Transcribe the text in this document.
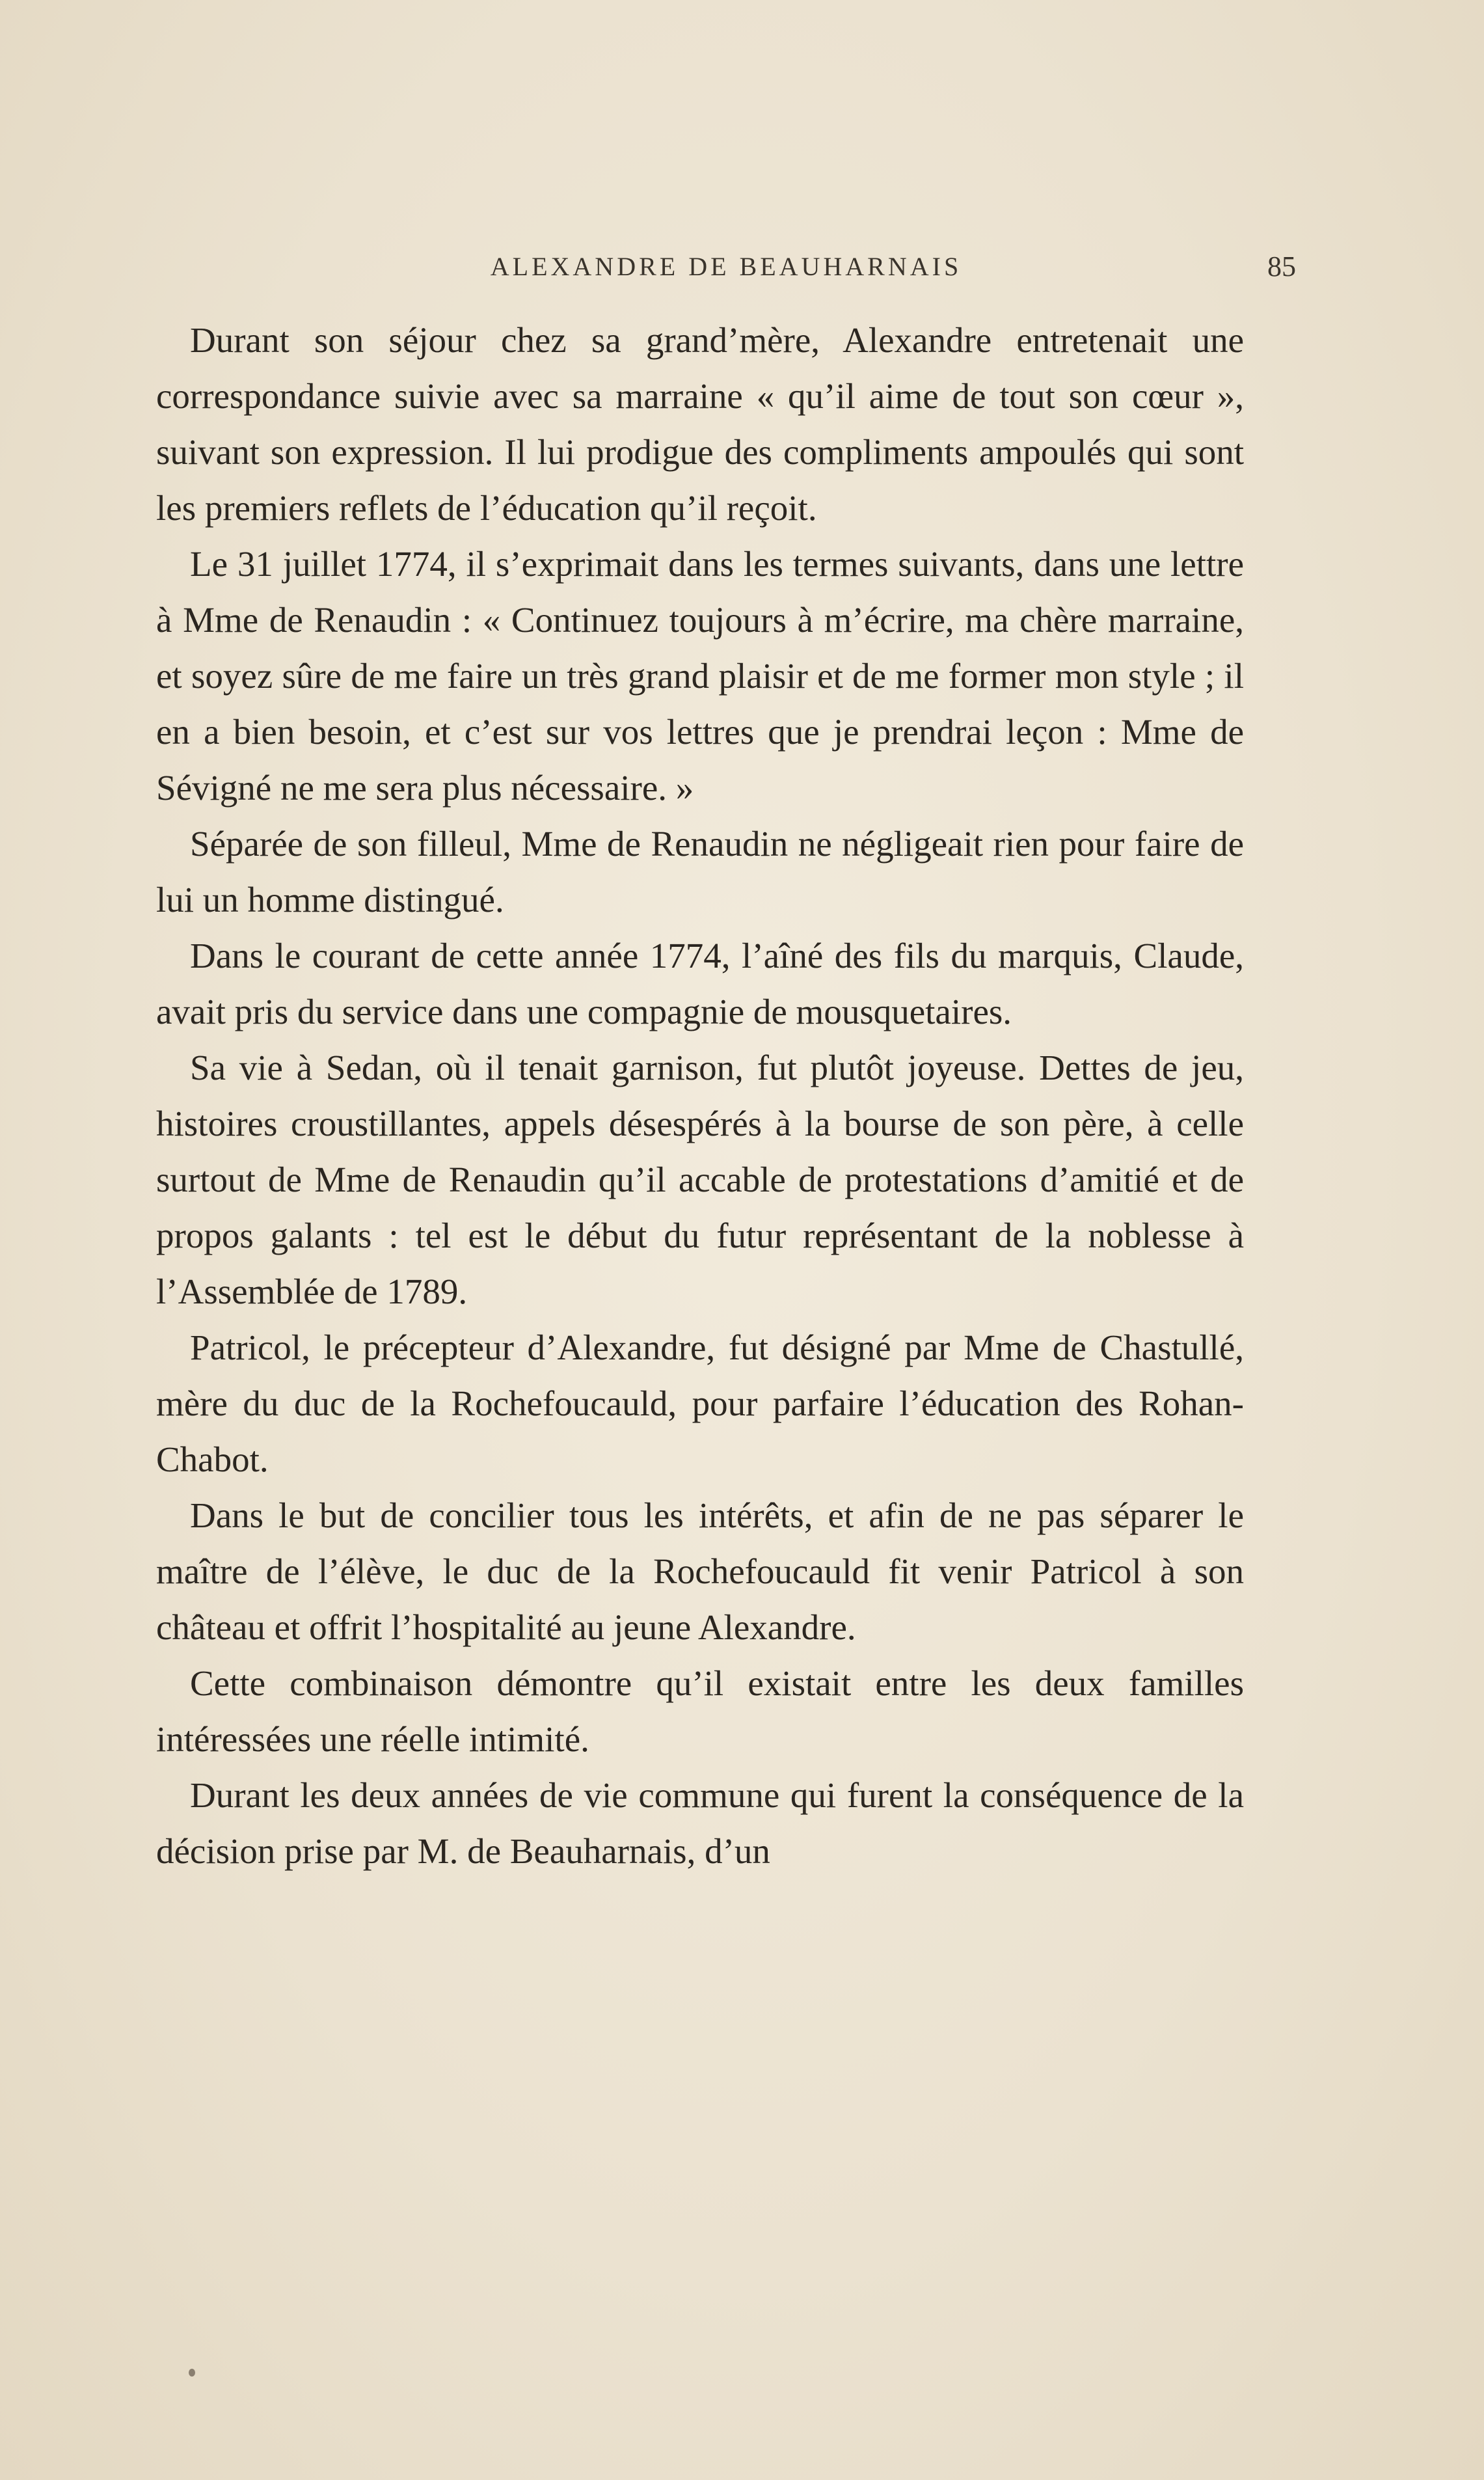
ALEXANDRE DE BEAUHARNAIS	85

Durant son séjour chez sa grand’mère, Alexandre entretenait une correspondance suivie avec sa marraine « qu’il aime de tout son cœur », suivant son expression. Il lui prodigue des compliments ampoulés qui sont les premiers reflets de l’éducation qu’il reçoit.

Le 31 juillet 1774, il s’exprimait dans les termes suivants, dans une lettre à Mme de Renaudin : « Continuez toujours à m’écrire, ma chère marraine, et soyez sûre de me faire un très grand plaisir et de me former mon style ; il en a bien besoin, et c’est sur vos lettres que je prendrai leçon : Mme de Sévigné ne me sera plus nécessaire. »

Séparée de son filleul, Mme de Renaudin ne négligeait rien pour faire de lui un homme distingué.

Dans le courant de cette année 1774, l’aîné des fils du marquis, Claude, avait pris du service dans une compagnie de mousquetaires.

Sa vie à Sedan, où il tenait garnison, fut plutôt joyeuse. Dettes de jeu, histoires croustillantes, appels désespérés à la bourse de son père, à celle surtout de Mme de Renaudin qu’il accable de protestations d’amitié et de propos galants : tel est le début du futur représentant de la noblesse à l’Assemblée de 1789.

Patricol, le précepteur d’Alexandre, fut désigné par Mme de Chastullé, mère du duc de la Rochefoucauld, pour parfaire l’éducation des Rohan-Chabot.

Dans le but de concilier tous les intérêts, et afin de ne pas séparer le maître de l’élève, le duc de la Rochefoucauld fit venir Patricol à son château et offrit l’hospitalité au jeune Alexandre.

Cette combinaison démontre qu’il existait entre les deux familles intéressées une réelle intimité.

Durant les deux années de vie commune qui furent la conséquence de la décision prise par M. de Beauharnais, d’un
